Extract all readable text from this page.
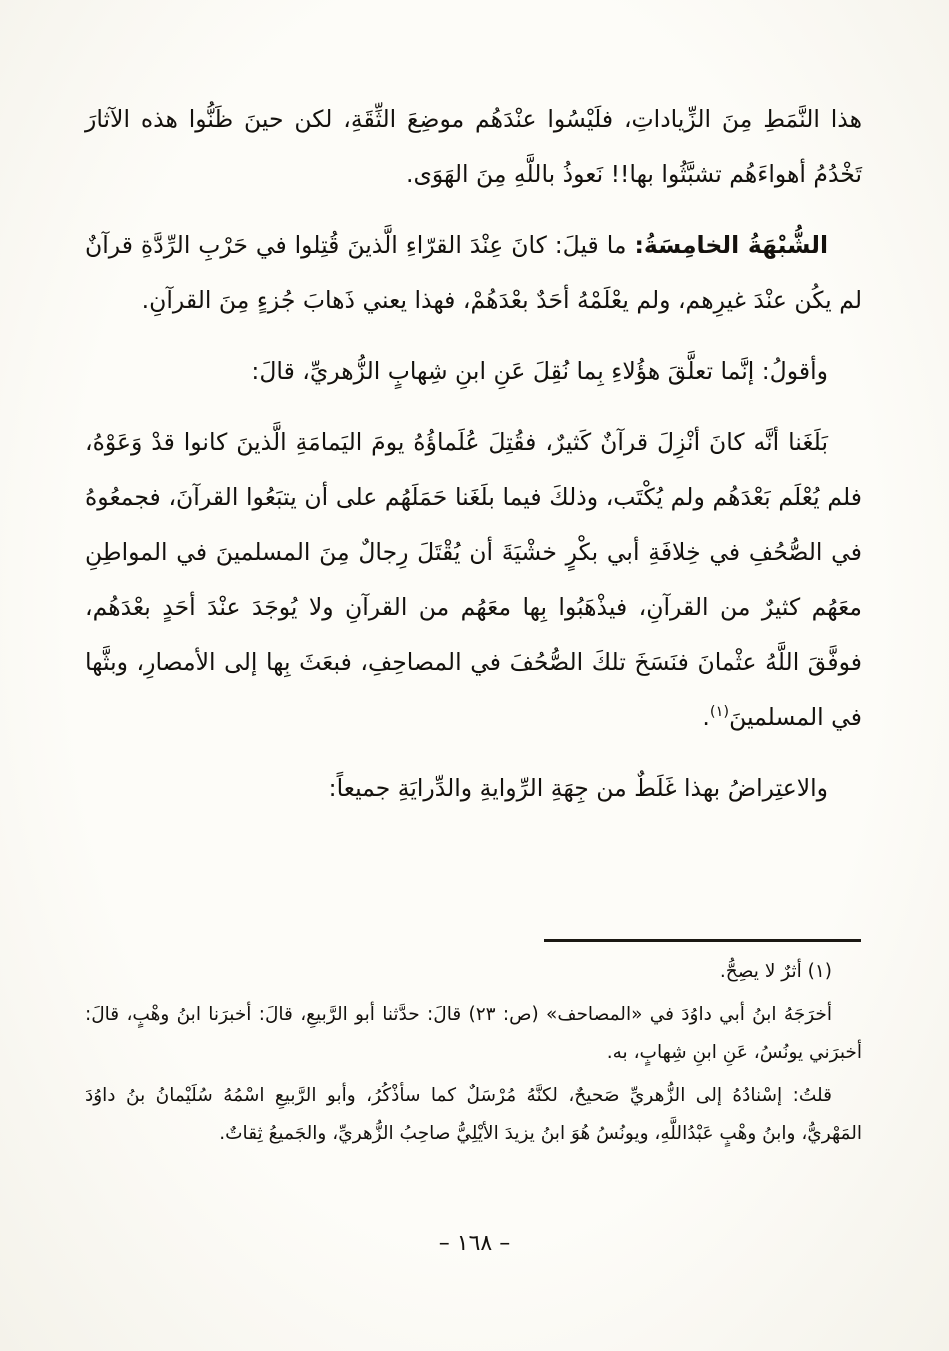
هذا النَّمَطِ مِنَ الزِّياداتِ، فلَيْسُوا عنْدَهُم موضِعَ الثِّقَةِ، لكن حينَ ظَنُّوا هذه الآثارَ تَخْدُمُ أهواءَهُم تشبَّثُوا بها!! نَعوذُ باللَّهِ مِنَ الهَوَى.

الشُّبْهَةُ الخامِسَةُ: ما قيلَ: كانَ عِنْدَ القرّاءِ الَّذينَ قُتِلوا في حَرْبِ الرِّدَّةِ قرآنٌ لم يكُن عنْدَ غيرِهم، ولم يعْلَمْهُ أحَدٌ بعْدَهُمْ، فهذا يعني ذَهابَ جُزءٍ مِنَ القرآنِ.

وأقولُ: إنَّما تعلَّقَ هؤُلاءِ بِما نُقِلَ عَنِ ابنِ شِهابٍ الزُّهريِّ، قالَ:

بَلَغَنا أنَّه كانَ أنْزِلَ قرآنٌ كَثيرٌ، فقُتِلَ عُلَماؤُهُ يومَ اليَمامَةِ الَّذينَ كانوا قدْ وَعَوْهُ، فلم يُعْلَم بَعْدَهُم ولم يُكْتَب، وذلكَ فيما بلَغَنا حَمَلَهُم على أن يتبَعُوا القرآنَ، فجمعُوهُ في الصُّحُفِ في خِلافَةِ أبي بكْرٍ خشْيَةَ أن يُقْتَلَ رِجالٌ مِنَ المسلمينَ في المواطِنِ معَهُم كثيرٌ من القرآنِ، فيذْهَبُوا بِها معَهُم من القرآنِ ولا يُوجَدَ عنْدَ أحَدٍ بعْدَهُم، فوفَّقَ اللَّهُ عثْمانَ فنَسَخَ تلكَ الصُّحُفَ في المصاحِفِ، فبعَثَ بِها إلى الأمصارِ، وبثَّها في المسلمينَ$^{(١)}$.

والاعتِراضُ بهذا غَلَطٌ من جِهَةِ الرِّوايةِ والدِّرايَةِ جميعاً:

(١) أثرٌ لا يصِحُّ.

أخرَجَهُ ابنُ أبي داوُدَ في «المصاحف» (ص: ٢٣) قالَ: حدَّثنا أبو الرَّبيعِ، قالَ: أخبرَنا ابنُ وهْبٍ، قالَ: أخبرَني يونُسُ، عَنِ ابنِ شِهابٍ، به.

قلتُ: إسْنادُهُ إلى الزُّهريِّ صَحيحٌ، لكنَّهُ مُرْسَلٌ كما سأذْكُرُ، وأبو الرَّبيعِ اسْمُهُ سُلَيْمانُ بنُ داوُدَ المَهْريُّ، وابنُ وهْبٍ عَبْدُاللَّهِ، ويونُسُ هُوَ ابنُ يزيدَ الأيْلِيُّ صاحِبُ الزُّهريِّ، والجَميعُ ثِقاتٌ.

– ١٦٨ –
